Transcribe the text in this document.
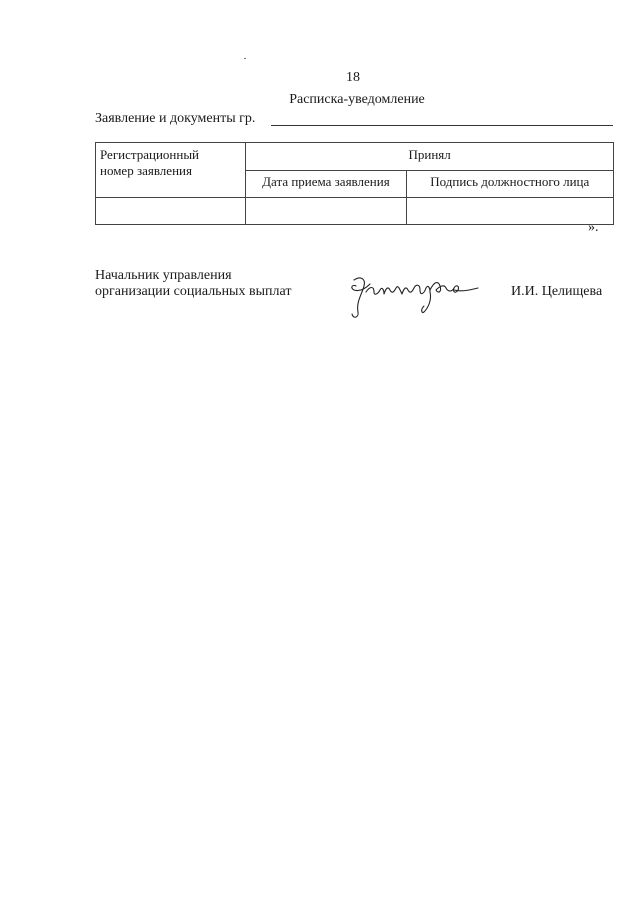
18
Расписка-уведомление
Заявление и документы гр.
Регистрационный
номер заявления	Принял	
	Дата приема заявления	Подпись должностного лица

».
Начальник управления
организации социальных выплат	И.И. Целищева
